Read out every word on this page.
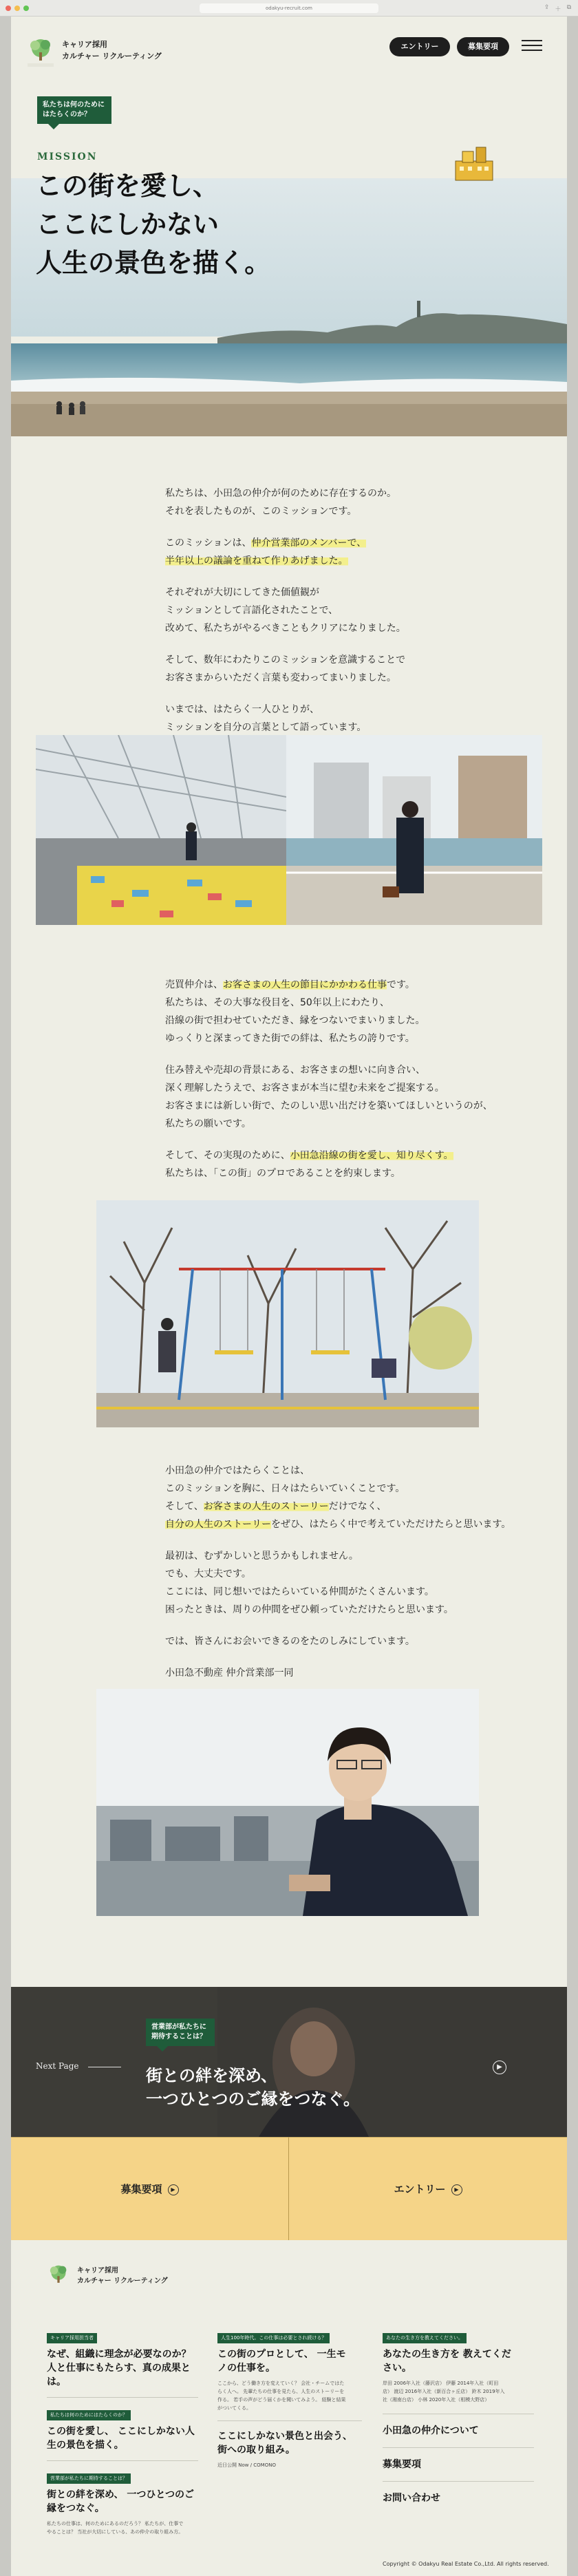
odakyu-recruit.com	⇪ ＋ ⧉
キャリア採用
カルチャー リクルーティング
エントリー	募集要項
私たちは何のために
はたらくのか？
MISSION
この街を愛し、
ここにしかない
人生の景色を描く。

私たちは、小田急の仲介が何のために存在するのか。

それを表したものが、このミッションです。

このミッションは、仲介営業部のメンバーで、

半年以上の議論を重ねて作りあげました。

それぞれが大切にしてきた価値観が

ミッションとして言語化されたことで、

改めて、私たちがやるべきこともクリアになりました。

そして、数年にわたりこのミッションを意識することで

お客さまからいただく言葉も変わってまいりました。

いまでは、はたらく一人ひとりが、

ミッションを自分の言葉として語っています。

売買仲介は、お客さまの人生の節目にかかわる仕事です。

私たちは、その大事な役目を、50年以上にわたり、

沿線の街で担わせていただき、縁をつないでまいりました。

ゆっくりと深まってきた街での絆は、私たちの誇りです。

住み替えや売却の背景にある、お客さまの想いに向き合い、

深く理解したうえで、お客さまが本当に望む未来をご提案する。

お客さまには新しい街で、たのしい思い出だけを築いてほしいというのが、

私たちの願いです。

そして、その実現のために、小田急沿線の街を愛し、知り尽くす。

私たちは、「この街」のプロであることを約束します。

小田急の仲介ではたらくことは、

このミッションを胸に、日々はたらいていくことです。

そして、お客さまの人生のストーリーだけでなく、

自分の人生のストーリーをぜひ、はたらく中で考えていただけたらと思います。

最初は、むずかしいと思うかもしれません。

でも、大丈夫です。

ここには、同じ想いではたらいている仲間がたくさんいます。

困ったときは、周りの仲間をぜひ頼っていただけたらと思います。

では、皆さんにお会いできるのをたのしみにしています。

小田急不動産 仲介営業部一同

Next Page
営業部が私たちに
期待することは？
街との絆を深め、
一つひとつのご縁をつなぐ。
▶
募集要項 ▶	エントリー ▶
キャリア採用
カルチャー リクルーティング
キャリア採用担当者
なぜ、組織に理念が必要なのか？ 人と仕事にもたらす、真の成果とは。
私たちは何のためにはたらくのか？
この街を愛し、 ここにしかない人生の景色を描く。
営業部が私たちに期待することは？
街との絆を深め、 一つひとつのご縁をつなぐ。
私たちの仕事は、何のためにあるのだろう？ 私たちが、仕事でやることは？ 当社が大切にしている、あの仲介の取り組み方。
人生100年時代。この仕事は必要とされ続ける？
この街のプロとして、 一生モノの仕事を。
ここから、どう働き方を変えていく？ 会社・チームではたらく人へ。 先輩たちの仕事を見たら、人生のストーリーを作る。 若手の声がどう届くかを聞いてみよう。 経験と結果がついてくる。
ここにしかない景色と出会う、 街への取り組み。
近日公開 Now / COMONO
あなたの生き方を教えてください。
あなたの生き方を 教えてください。
岸田 2006年入社（藤沢店） 伊藤 2014年入社（町田店） 渡辺 2016年入社（新百合ヶ丘店） 鈴木 2019年入社（湘南台店） 小林 2020年入社（相模大野店）
小田急の仲介について
募集要項
お問い合わせ
Copyright © Odakyu Real Estate Co.,Ltd. All rights reserved.
